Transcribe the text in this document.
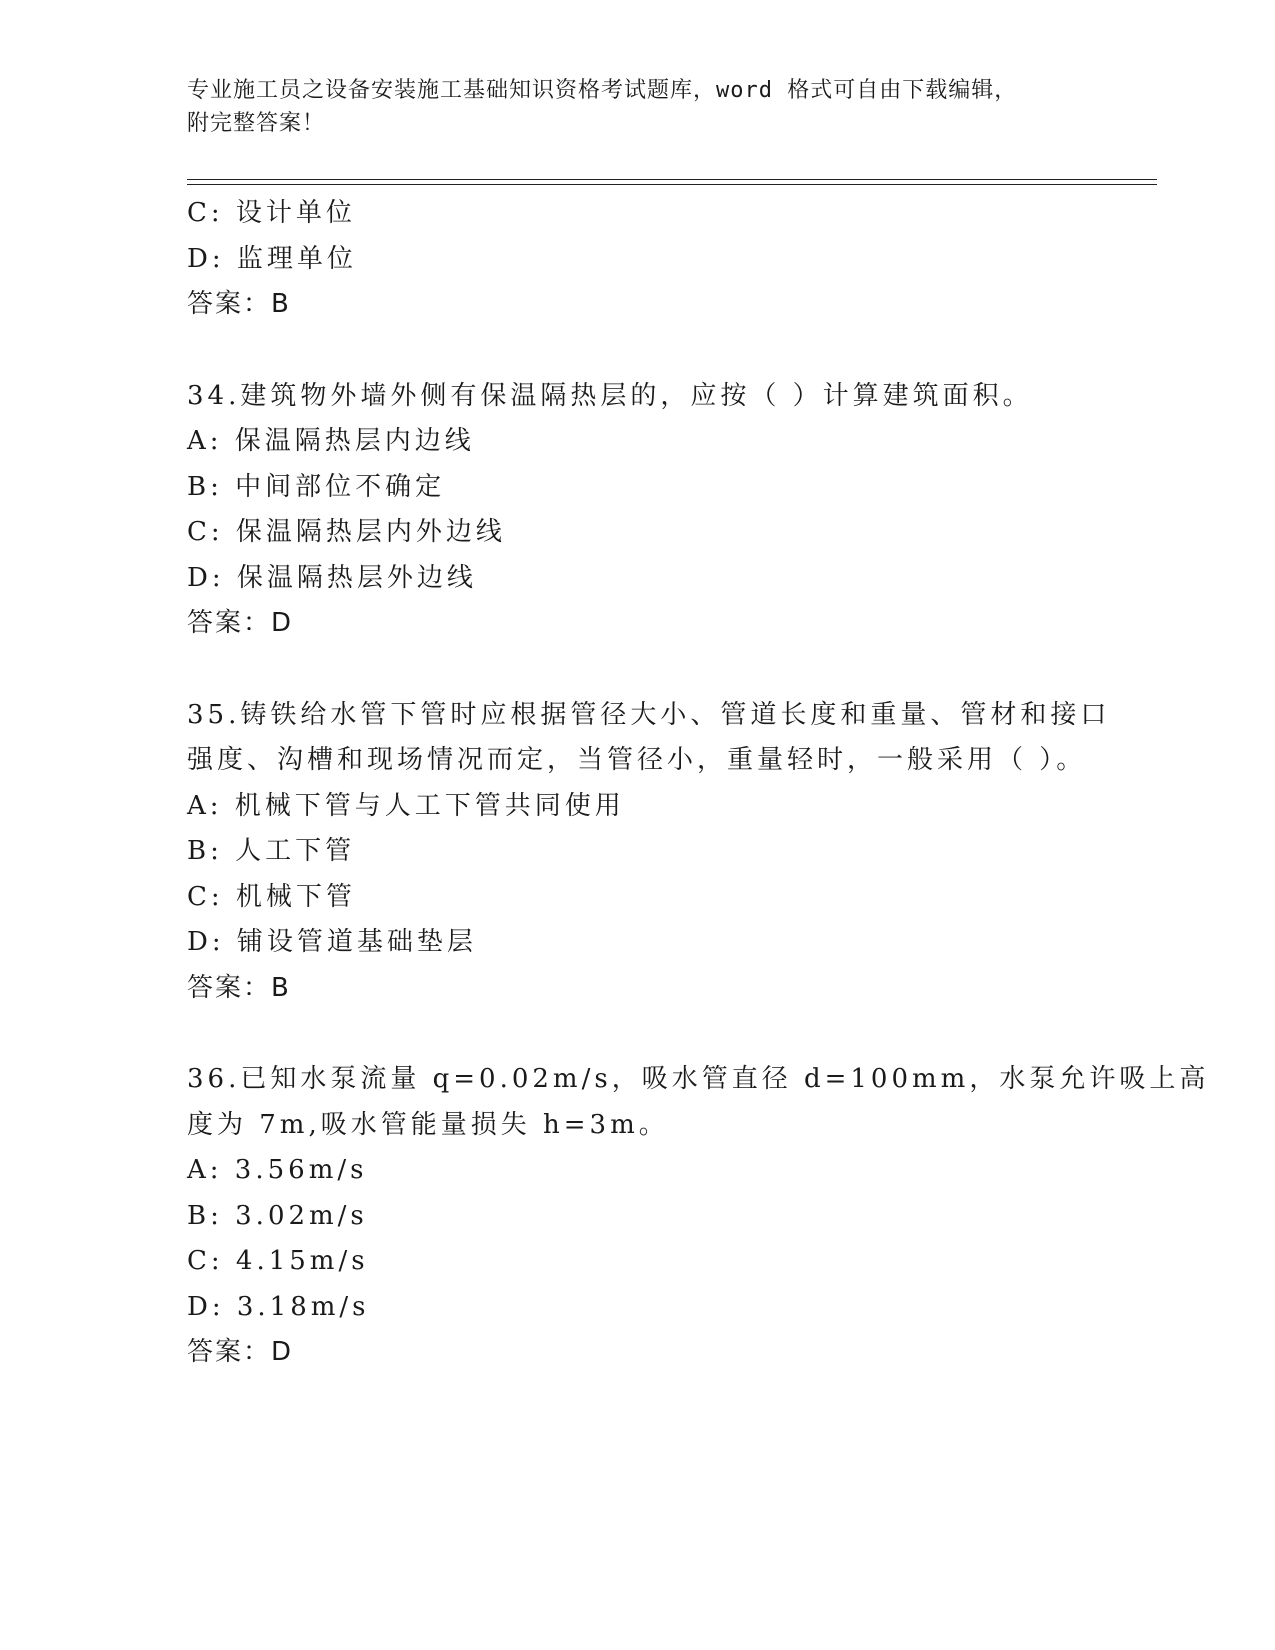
专业施工员之设备安装施工基础知识资格考试题库，word 格式可自由下载编辑，
附完整答案！
C: 设计单位
D: 监理单位
答案：B
34.建筑物外墙外侧有保温隔热层的，应按（ ）计算建筑面积。
A: 保温隔热层内边线
B: 中间部位不确定
C: 保温隔热层内外边线
D: 保温隔热层外边线
答案：D
35.铸铁给水管下管时应根据管径大小、管道长度和重量、管材和接口
强度、沟槽和现场情况而定，当管径小，重量轻时，一般采用（ ）。
A: 机械下管与人工下管共同使用
B: 人工下管
C: 机械下管
D: 铺设管道基础垫层
答案：B
36.已知水泵流量 q=0.02m/s，吸水管直径 d=100mm，水泵允许吸上高
度为 7m,吸水管能量损失 h=3m。
A: 3.56m/s
B: 3.02m/s
C: 4.15m/s
D: 3.18m/s
答案：D
